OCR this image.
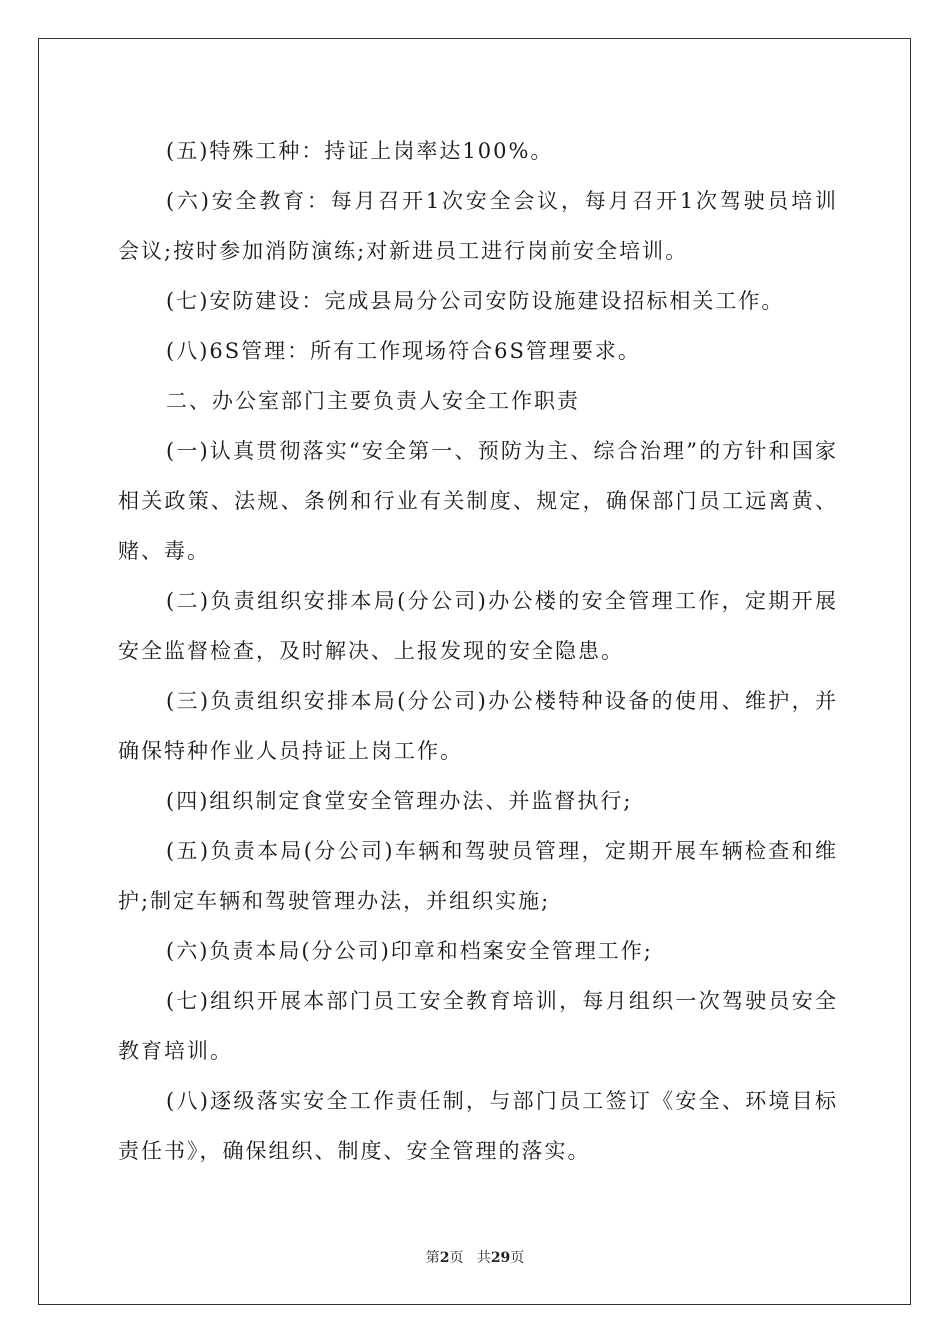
(五)特殊工种：持证上岗率达100%。

(六)安全教育：每月召开1次安全会议，每月召开1次驾驶员培训会议;按时参加消防演练;对新进员工进行岗前安全培训。

(七)安防建设：完成县局分公司安防设施建设招标相关工作。

(八)6S管理：所有工作现场符合6S管理要求。

二、办公室部门主要负责人安全工作职责

(一)认真贯彻落实“安全第一、预防为主、综合治理”的方针和国家相关政策、法规、条例和行业有关制度、规定，确保部门员工远离黄、赌、毒。

(二)负责组织安排本局(分公司)办公楼的安全管理工作，定期开展安全监督检查，及时解决、上报发现的安全隐患。

(三)负责组织安排本局(分公司)办公楼特种设备的使用、维护，并确保特种作业人员持证上岗工作。

(四)组织制定食堂安全管理办法、并监督执行;

(五)负责本局(分公司)车辆和驾驶员管理，定期开展车辆检查和维护;制定车辆和驾驶管理办法，并组织实施;

(六)负责本局(分公司)印章和档案安全管理工作;

(七)组织开展本部门员工安全教育培训，每月组织一次驾驶员安全教育培训。

(八)逐级落实安全工作责任制，与部门员工签订《安全、环境目标责任书》，确保组织、制度、安全管理的落实。

第2页 共29页
